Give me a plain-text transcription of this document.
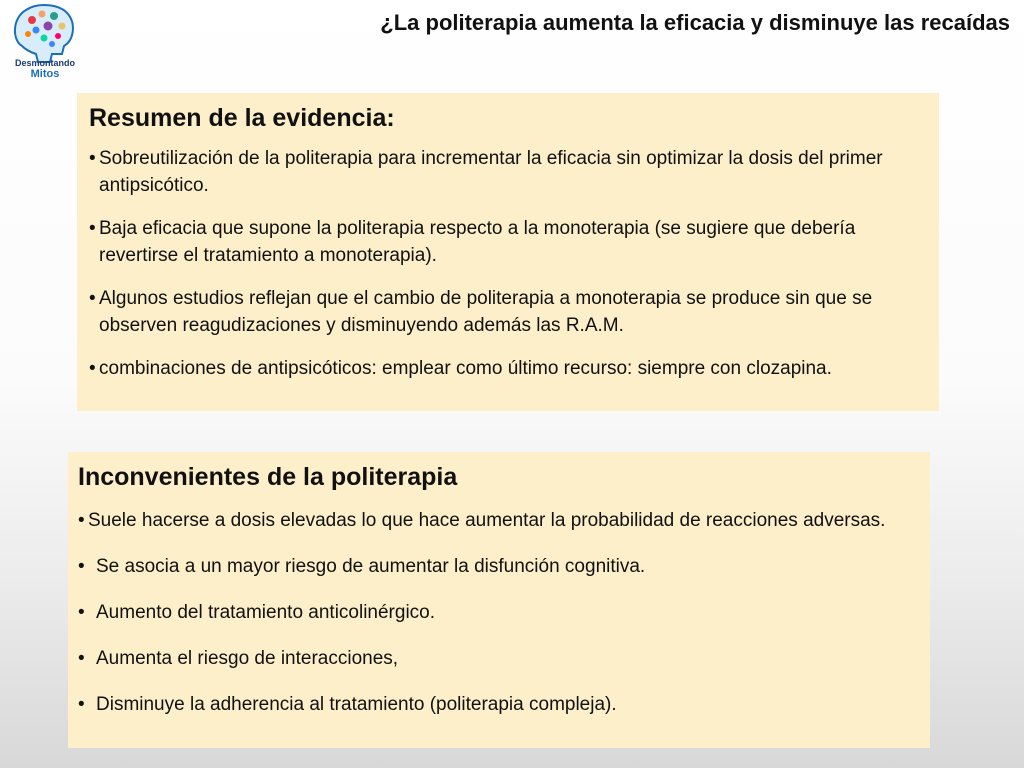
Desmontando
Mitos
¿La politerapia aumenta la eficacia y disminuye las recaídas
Resumen de la evidencia:
• Sobreutilización de la politerapia para incrementar la eficacia sin optimizar la dosis del primer antipsicótico.
• Baja eficacia que supone la politerapia respecto a la monoterapia (se sugiere que debería revertirse el tratamiento a monoterapia).
• Algunos estudios reflejan que el cambio de politerapia a monoterapia se produce sin que se observen reagudizaciones y disminuyendo además las R.A.M.
• combinaciones de antipsicóticos: emplear como último recurso: siempre con clozapina.
Inconvenientes de la politerapia
• Suele hacerse a dosis elevadas lo que hace aumentar la probabilidad de reacciones adversas.
• Se asocia a un mayor riesgo de aumentar la disfunción cognitiva.
• Aumento del tratamiento anticolinérgico.
• Aumenta el riesgo de interacciones,
• Disminuye la adherencia al tratamiento (politerapia compleja).
